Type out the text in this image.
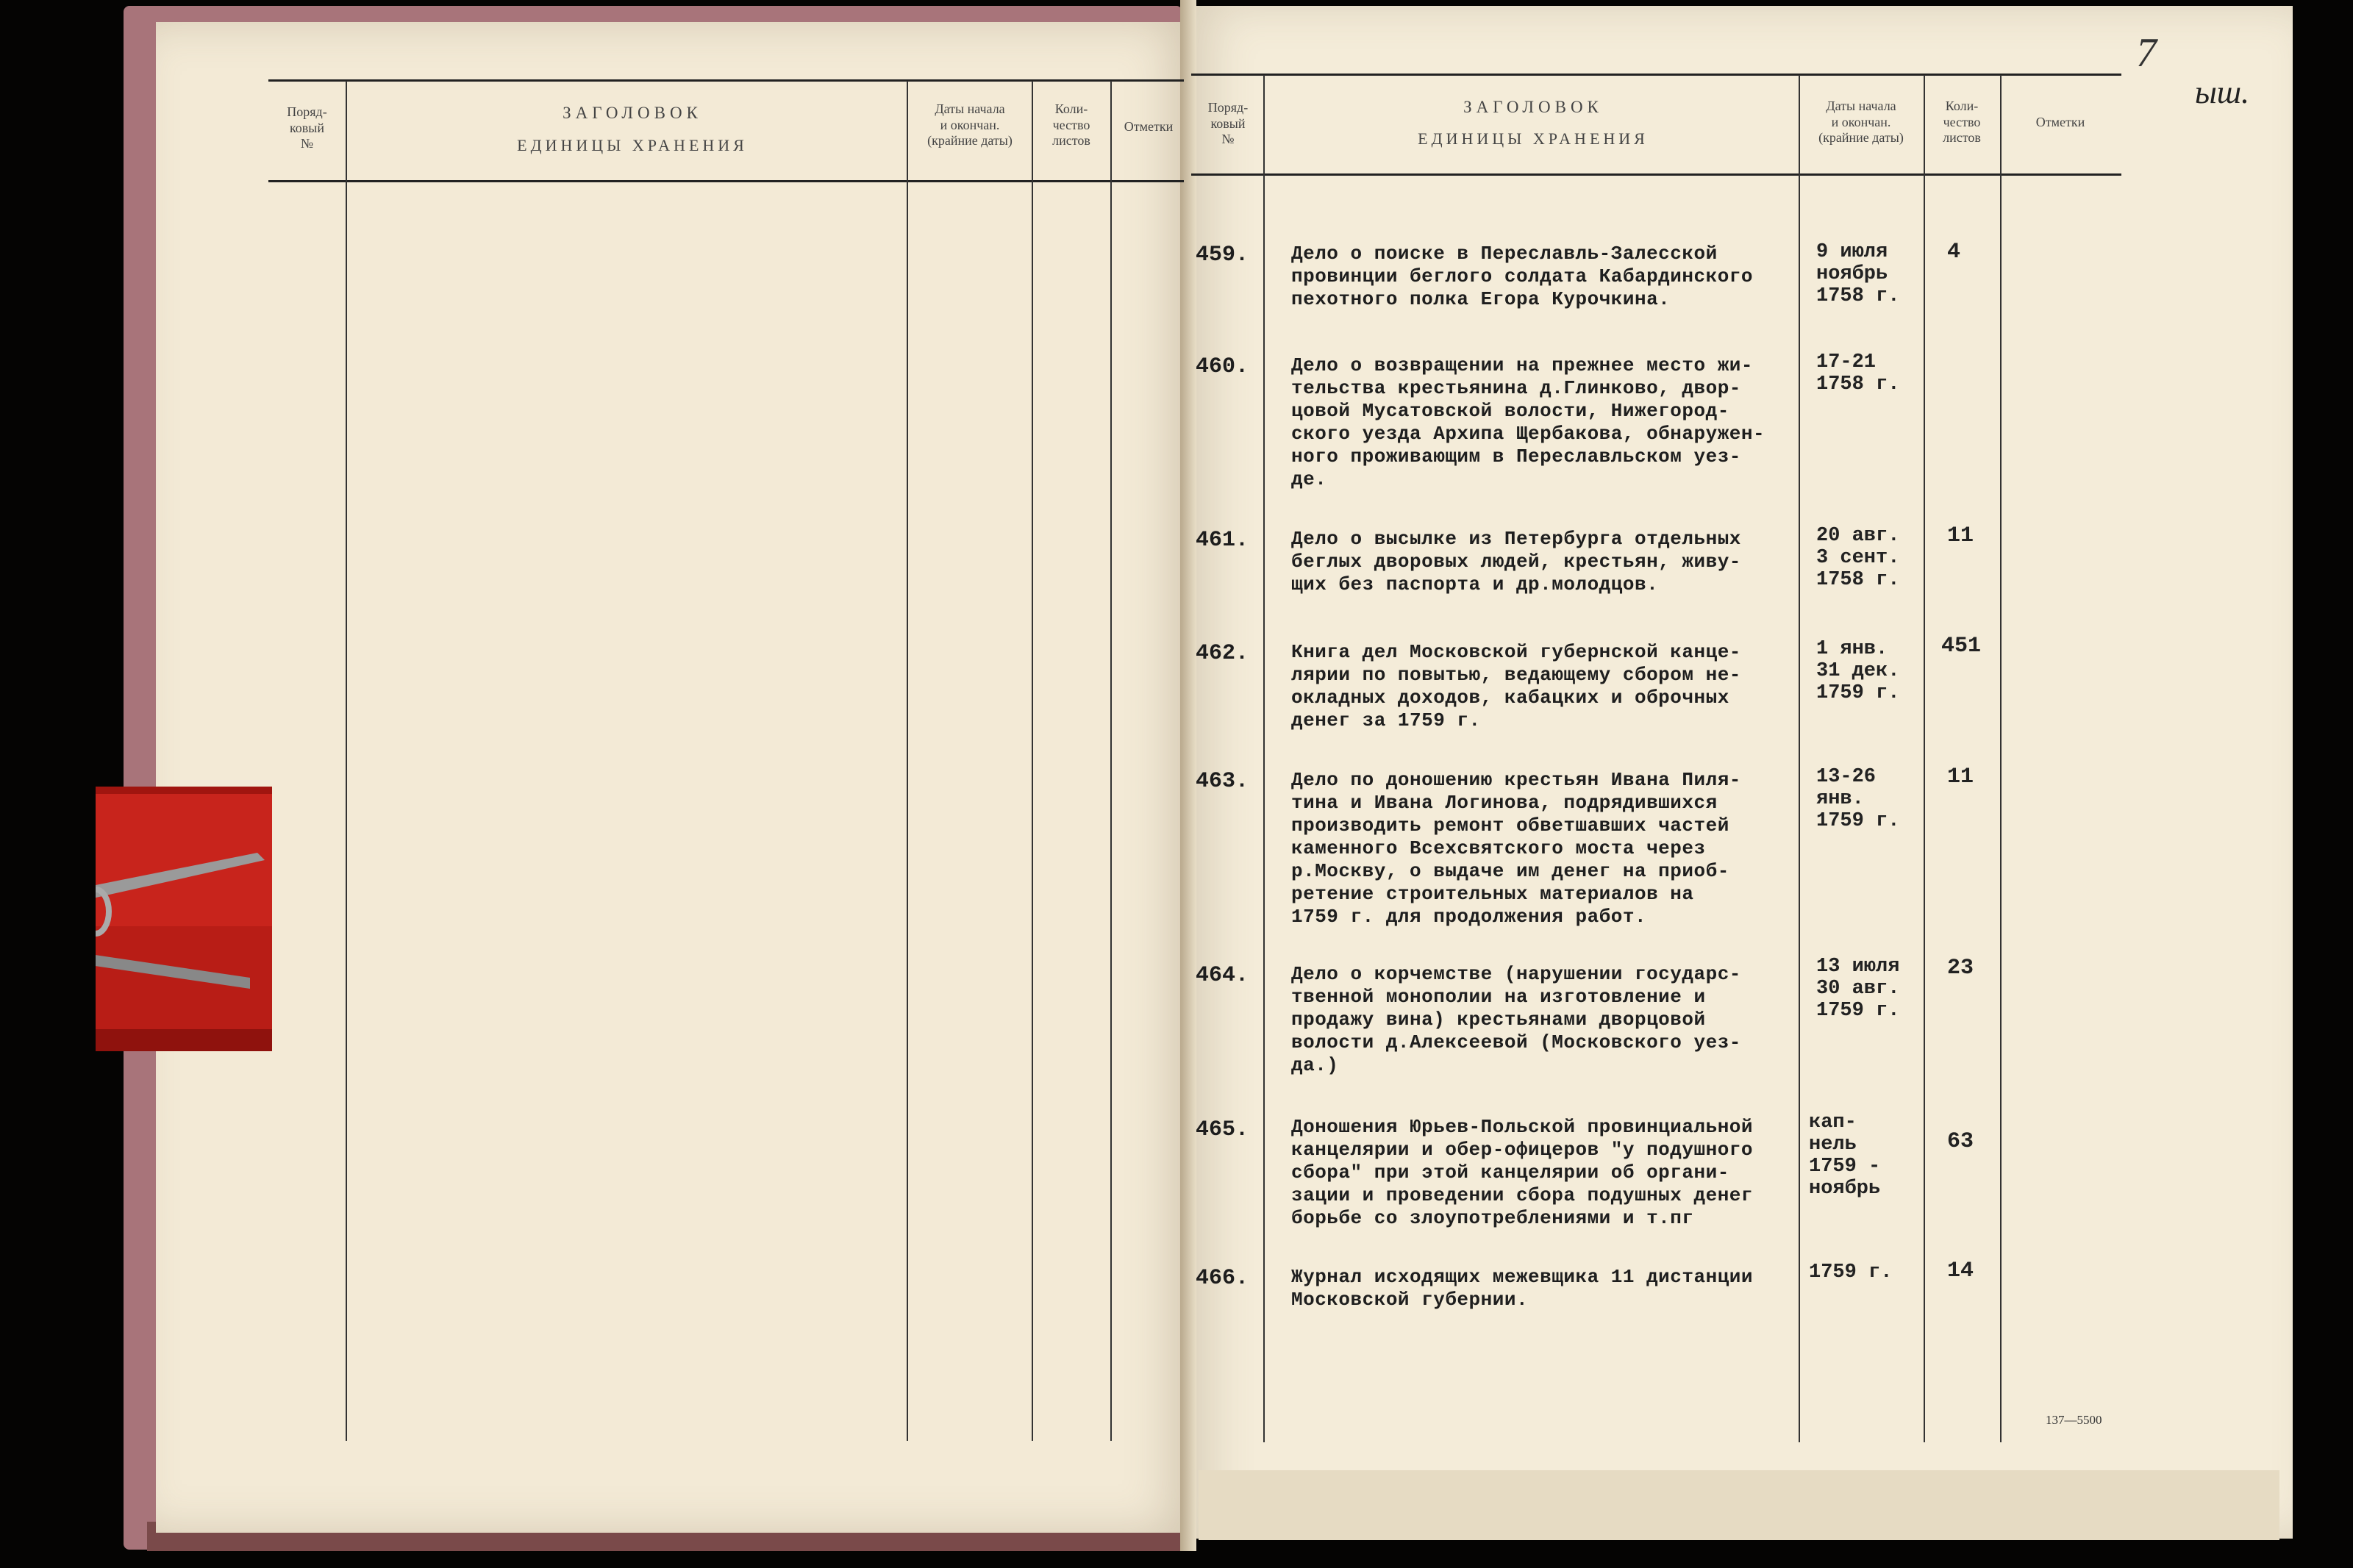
Поряд-
ковый
№
ЗАГОЛОВОК
ЕДИНИЦЫ ХРАНЕНИЯ
Даты начала
и окончан.
(крайние даты)
Коли-
чество
листов
Отметки
Поряд-
ковый
№
ЗАГОЛОВОК
ЕДИНИЦЫ ХРАНЕНИЯ
Даты начала
и окончан.
(крайние даты)
Коли-
чество
листов
Отметки
7
ыш.
459. Дело о поиске в Переславль-Залесской
провинции беглого солдата Кабардинского
пехотного полка Егора Курочкина.
9 июля
ноябрь
1758 г.
4
460. Дело о возвращении на прежнее место жи-
тельства крестьянина д.Глинково, двор-
цовой Мусатовской волости, Нижегород-
ского уезда Архипа Щербакова, обнаружен-
ного проживающим в Переславльском уез-
де.
17-21
1758 г.
461. Дело о высылке из Петербурга отдельных
беглых дворовых людей, крестьян, живу-
щих без паспорта и др.молодцов.
20 авг.
3 сент.
1758 г.
11
462. Книга дел Московской губернской канце-
лярии по повытью, ведающему сбором не-
окладных доходов, кабацких и оброчных
денег за 1759 г.
1 янв.
31 дек.
1759 г.
451
463. Дело по доношению крестьян Ивана Пиля-
тина и Ивана Логинова, подрядившихся
производить ремонт обветшавших частей
каменного Всехсвятского моста через
р.Москву, о выдаче им денег на приоб-
ретение строительных материалов на
1759 г. для продолжения работ.
13-26
янв.
1759 г.
11
464. Дело о корчемстве (нарушении государс-
твенной монополии на изготовление и
продажу вина) крестьянами дворцовой
волости д.Алексеевой (Московского уез-
да.)
13 июля
30 авг.
1759 г.
23
465. Доношения Юрьев-Польской провинциальной
канцелярии и обер-офицеров "у подушного
сбора" при этой канцелярии об органи-
зации и проведении сбора подушных денег
борьбе со злоупотреблениями и т.пг
кап-
нель
1759 -
ноябрь
63
466. Журнал исходящих межевщика 11 дистанции
Московской губернии.
1759 г. 14
137—5500
